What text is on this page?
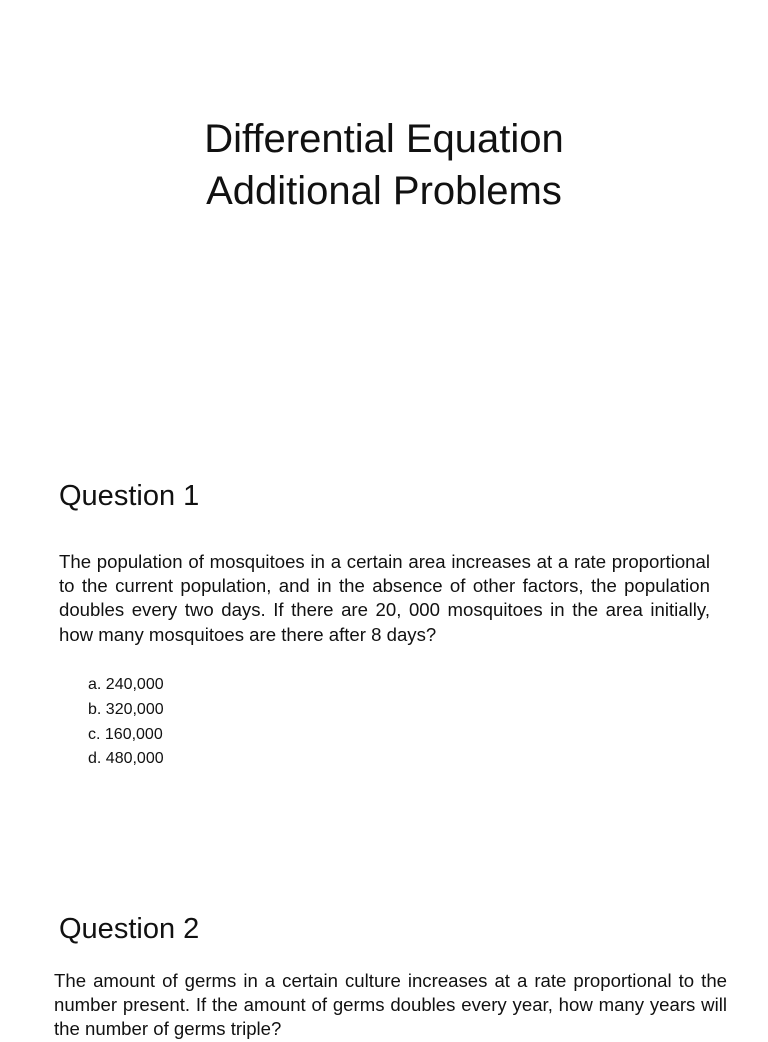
Differential Equation
Additional Problems
Question 1

The population of mosquitoes in a certain area increases at a rate proportional to the current population, and in the absence of other factors, the population doubles every two days. If there are 20, 000 mosquitoes in the area initially, how many mosquitoes are there after 8 days?

a. 240,000
b. 320,000
c. 160,000
d. 480,000
Question 2

The amount of germs in a certain culture increases at a rate proportional to the number present. If the amount of germs doubles every year, how many years will the number of germs triple?
